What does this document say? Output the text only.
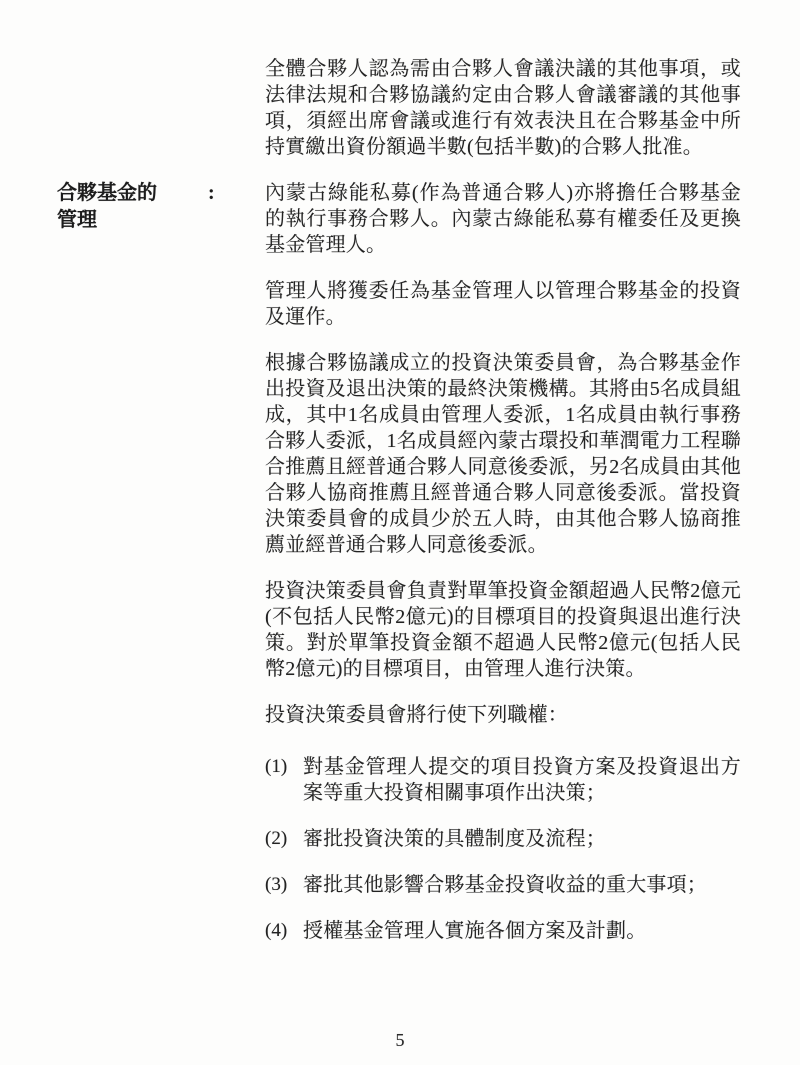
合夥基金的
管理
:

全體合夥人認為需由合夥人會議決議的其他事項，或法律法規和合夥協議約定由合夥人會議審議的其他事項，須經出席會議或進行有效表決且在合夥基金中所持實繳出資份額過半數(包括半數)的合夥人批准。

內蒙古綠能私募(作為普通合夥人)亦將擔任合夥基金的執行事務合夥人。內蒙古綠能私募有權委任及更換基金管理人。

管理人將獲委任為基金管理人以管理合夥基金的投資及運作。

根據合夥協議成立的投資決策委員會，為合夥基金作出投資及退出決策的最終決策機構。其將由5名成員組成，其中1名成員由管理人委派，1名成員由執行事務合夥人委派，1名成員經內蒙古環投和華潤電力工程聯合推薦且經普通合夥人同意後委派，另2名成員由其他合夥人協商推薦且經普通合夥人同意後委派。當投資決策委員會的成員少於五人時，由其他合夥人協商推薦並經普通合夥人同意後委派。

投資決策委員會負責對單筆投資金額超過人民幣2億元(不包括人民幣2億元)的目標項目的投資與退出進行決策。對於單筆投資金額不超過人民幣2億元(包括人民幣2億元)的目標項目，由管理人進行決策。

投資決策委員會將行使下列職權：

(1) 對基金管理人提交的項目投資方案及投資退出方案等重大投資相關事項作出決策；
(2) 審批投資決策的具體制度及流程；
(3) 審批其他影響合夥基金投資收益的重大事項；
(4) 授權基金管理人實施各個方案及計劃。
5
